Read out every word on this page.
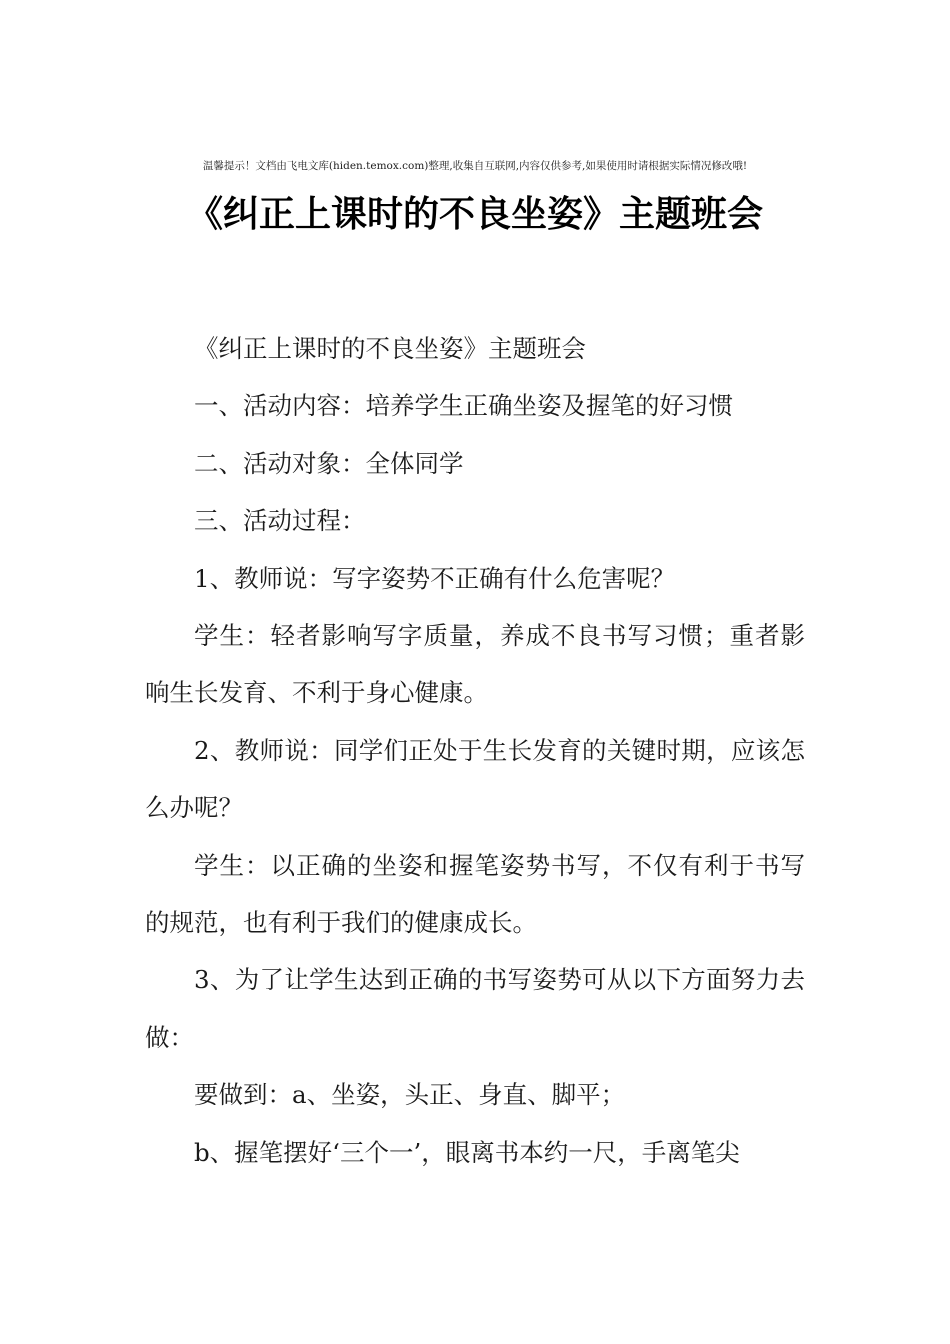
温馨提示！文档由飞电文库(hiden.temox.com)整理,收集自互联网,内容仅供参考,如果使用时请根据实际情况修改哦!
《纠正上课时的不良坐姿》主题班会

《纠正上课时的不良坐姿》主题班会

一、活动内容：培养学生正确坐姿及握笔的好习惯

二、活动对象：全体同学

三、活动过程：

1、教师说：写字姿势不正确有什么危害呢？

学生：轻者影响写字质量，养成不良书写习惯；重者影响生长发育、不利于身心健康。

2、教师说：同学们正处于生长发育的关键时期，应该怎么办呢？

学生：以正确的坐姿和握笔姿势书写，不仅有利于书写的规范，也有利于我们的健康成长。

3、为了让学生达到正确的书写姿势可从以下方面努力去做：

要做到：a、坐姿，头正、身直、脚平；

b、握笔摆好‘三个一’，眼离书本约一尺，手离笔尖
